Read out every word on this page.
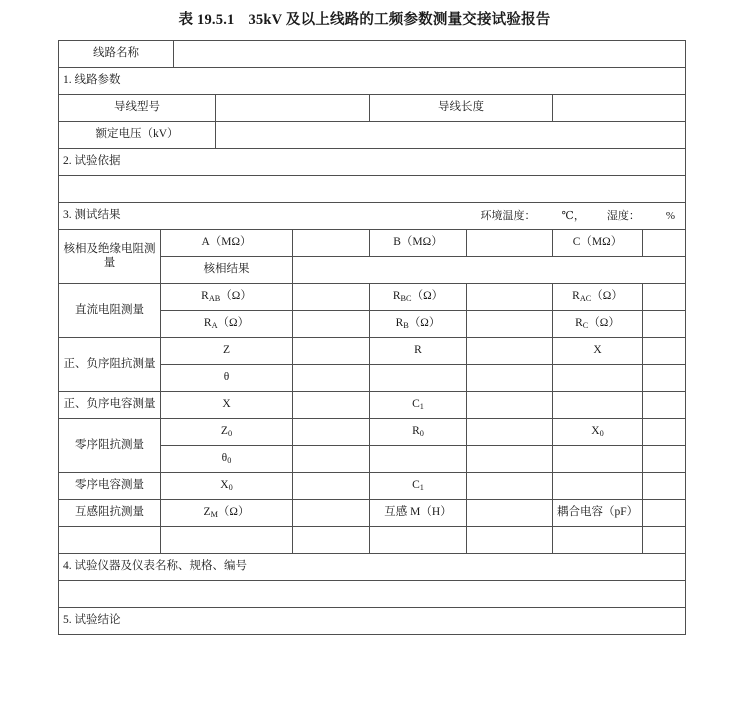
表 19.5.1 35kV 及以上线路的工频参数测量交接试验报告
线路名称								
1. 线路参数								
导线型号					导线长度			
额定电压（kV）								
2. 试验依据								

3. 测试结果 环境温度： ℃， 湿度： %								

核相及绝缘电阻测量	A（MΩ）				B（MΩ）		C（MΩ）	
	核相结果							
直流电阻测量	$R_{AB}(\Omega)$				$R_{BC}(\Omega)$		$R_{AC}(\Omega)$	
	$R_A(\Omega)$				$R_B(\Omega)$		$R_C(\Omega)$	
正、负序阻抗测量	Z				R		X	
	θ							
正、负序电容测量	X				$C_1$			
零序阻抗测量	$Z_0$				$R_0$		$X_0$	
	$\theta_0$					
零序电容测量	$X_0$				$C_1$			
互感阻抗测量	$Z_M(\Omega)$				互感 M（H）		耦合电容（pF）	

4. 试验仪器及仪表名称、规格、编号								

5. 试验结论								
